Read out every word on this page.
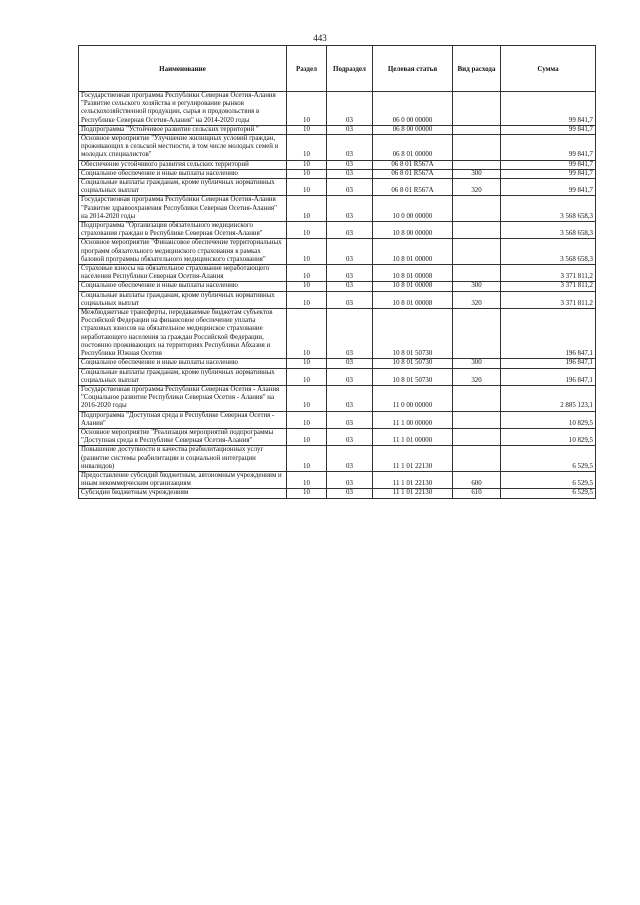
443
Наименование	Раздел	Подраздел	Целевая статья	Вид расхода	Сумма
Государственная программа Республики Северная Осетия-Алания "Развитие сельского хозяйства и регулирование рынков сельскохозяйственной продукции, сырья и продовольствия в Республике Северная Осетия-Алания" на 2014-2020 годы	10	03	06 0 00 00000		99 841,7
Подпрограмма "Устойчивое развитие сельских территорий "	10	03	06 8 00 00000		99 841,7
Основное мероприятие "Улучшение жилищных условий граждан, проживающих в сельской местности, в том числе молодых семей и молодых специалистов"	10	03	06 8 01 00000		99 841,7
Обеспечение устойчивого развития сельских территорий	10	03	06 8 01 R567A		99 841,7
Социальное обеспечение и иные выплаты населению	10	03	06 8 01 R567A	300	99 841,7
Социальные выплаты гражданам, кроме публичных нормативных социальных выплат	10	03	06 8 01 R567A	320	99 841,7
Государственная программа Республики Северная Осетия-Алания "Развитие здравоохранения Республики Северная Осетия-Алания" на 2014-2020 годы	10	03	10 0 00 00000		3 568 658,3
Подпрограмма "Организация обязательного медицинского страхования граждан в Республике Северная Осетия-Алания"	10	03	10 8 00 00000		3 568 658,3
Основное мероприятие "Финансовое обеспечение территориальных программ обязательного медицинского страхования в рамках базовой программы обязательного медицинского страхования"	10	03	10 8 01 00000		3 568 658,3
Страховые взносы на обязательное страхование неработающего населения Республики Северная Осетия-Алания	10	03	10 8 01 00008		3 371 811,2
Социальное обеспечение и иные выплаты населению	10	03	10 8 01 00008	300	3 371 811,2
Социальные выплаты гражданам, кроме публичных нормативных социальных выплат	10	03	10 8 01 00008	320	3 371 811,2
Межбюджетные трансферты, передаваемые бюджетам субъектов Российской Федерации на финансовое обеспечение уплаты страховых взносов на обязательное медицинское страхование неработающего населения за граждан Российской Федерации, постоянно проживающих на территориях Республики Абхазия и Республики Южная Осетия	10	03	10 8 01 50730		196 847,1
Социальное обеспечение и иные выплаты населению	10	03	10 8 01 50730	300	196 847,1
Социальные выплаты гражданам, кроме публичных нормативных социальных выплат	10	03	10 8 01 50730	320	196 847,1
Государственная программа Республики Северная Осетия - Алания "Социальное развитие Республики Северная Осетия - Алания" на 2016-2020 годы	10	03	11 0 00 00000		2 885 123,1
Подпрограмма "Доступная среда в Республике Северная Осетия - Алания"	10	03	11 1 00 00000		10 829,5
Основное мероприятие "Реализация мероприятий подпрограммы "Доступная среда в Республике Северная Осетия-Алания"	10	03	11 1 01 00000		10 829,5
Повышение доступности и качества реабилитационных услуг (развитие системы реабилитации и социальной интеграции инвалидов)	10	03	11 1 01 22130		6 529,5
Предоставление субсидий бюджетным, автономным учреждениям и иным некоммерческим организациям	10	03	11 1 01 22130	600	6 529,5
Субсидии бюджетным учреждениям	10	03	11 1 01 22130	610	6 529,5
